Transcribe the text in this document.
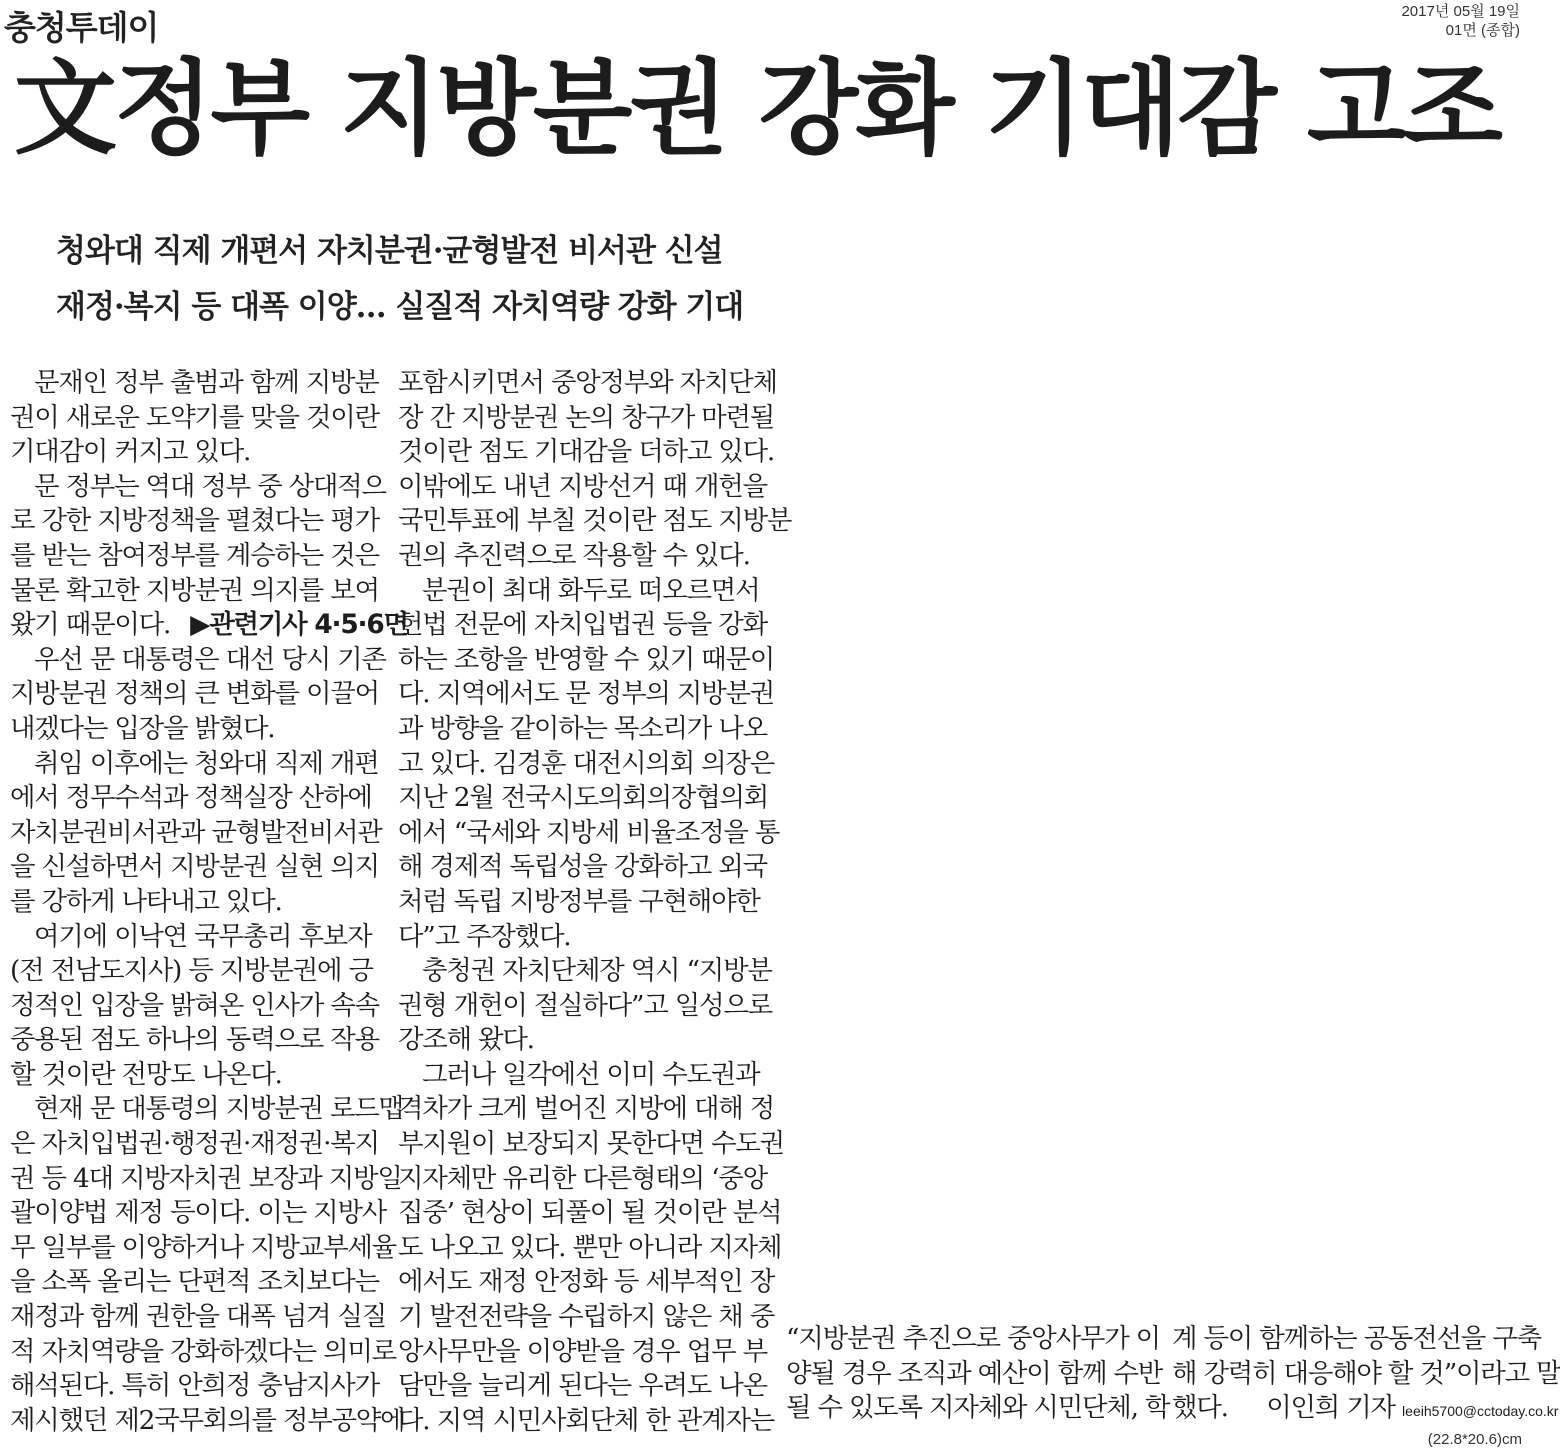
충청투데이	2017년 05월 19일
01면 (종합)
文정부 지방분권 강화 기대감 고조
청와대 직제 개편서 자치분권·균형발전 비서관 신설
재정·복지 등 대폭 이양… 실질적 자치역량 강화 기대
문재인 정부 출범과 함께 지방분
권이 새로운 도약기를 맞을 것이란
기대감이 커지고 있다.
문 정부는 역대 정부 중 상대적으
로 강한 지방정책을 펼쳤다는 평가
를 받는 참여정부를 계승하는 것은
물론 확고한 지방분권 의지를 보여
왔기 때문이다. ▶관련기사 4·5·6면
우선 문 대통령은 대선 당시 기존
지방분권 정책의 큰 변화를 이끌어
내겠다는 입장을 밝혔다.
취임 이후에는 청와대 직제 개편
에서 정무수석과 정책실장 산하에
자치분권비서관과 균형발전비서관
을 신설하면서 지방분권 실현 의지
를 강하게 나타내고 있다.
여기에 이낙연 국무총리 후보자
(전 전남도지사) 등 지방분권에 긍
정적인 입장을 밝혀온 인사가 속속
중용된 점도 하나의 동력으로 작용
할 것이란 전망도 나온다.
현재 문 대통령의 지방분권 로드맵
은 자치입법권·행정권·재정권·복지
권 등 4대 지방자치권 보장과 지방일
괄이양법 제정 등이다. 이는 지방사
무 일부를 이양하거나 지방교부세율
을 소폭 올리는 단편적 조치보다는
재정과 함께 권한을 대폭 넘겨 실질
적 자치역량을 강화하겠다는 의미로
해석된다. 특히 안희정 충남지사가
제시했던 제2국무회의를 정부공약에
포함시키면서 중앙정부와 자치단체
장 간 지방분권 논의 창구가 마련될
것이란 점도 기대감을 더하고 있다.
이밖에도 내년 지방선거 때 개헌을
국민투표에 부칠 것이란 점도 지방분
권의 추진력으로 작용할 수 있다.
분권이 최대 화두로 떠오르면서
헌법 전문에 자치입법권 등을 강화
하는 조항을 반영할 수 있기 때문이
다. 지역에서도 문 정부의 지방분권
과 방향을 같이하는 목소리가 나오
고 있다. 김경훈 대전시의회 의장은
지난 2월 전국시도의회의장협의회
에서 “국세와 지방세 비율조정을 통
해 경제적 독립성을 강화하고 외국
처럼 독립 지방정부를 구현해야한
다”고 주장했다.
충청권 자치단체장 역시 “지방분
권형 개헌이 절실하다”고 일성으로
강조해 왔다.
그러나 일각에선 이미 수도권과
격차가 크게 벌어진 지방에 대해 정
부지원이 보장되지 못한다면 수도권
지자체만 유리한 다른형태의 ‘중앙
집중’ 현상이 되풀이 될 것이란 분석
도 나오고 있다. 뿐만 아니라 지자체
에서도 재정 안정화 등 세부적인 장
기 발전전략을 수립하지 않은 채 중
앙사무만을 이양받을 경우 업무 부
담만을 늘리게 된다는 우려도 나온
다. 지역 시민사회단체 한 관계자는
“지방분권 추진으로 중앙사무가 이
양될 경우 조직과 예산이 함께 수반
될 수 있도록 지자체와 시민단체, 학
계 등이 함께하는 공동전선을 구축
해 강력히 대응해야 할 것”이라고 말
했다. 이인희 기자 leeih5700@cctoday.co.kr
(22.8*20.6)cm
